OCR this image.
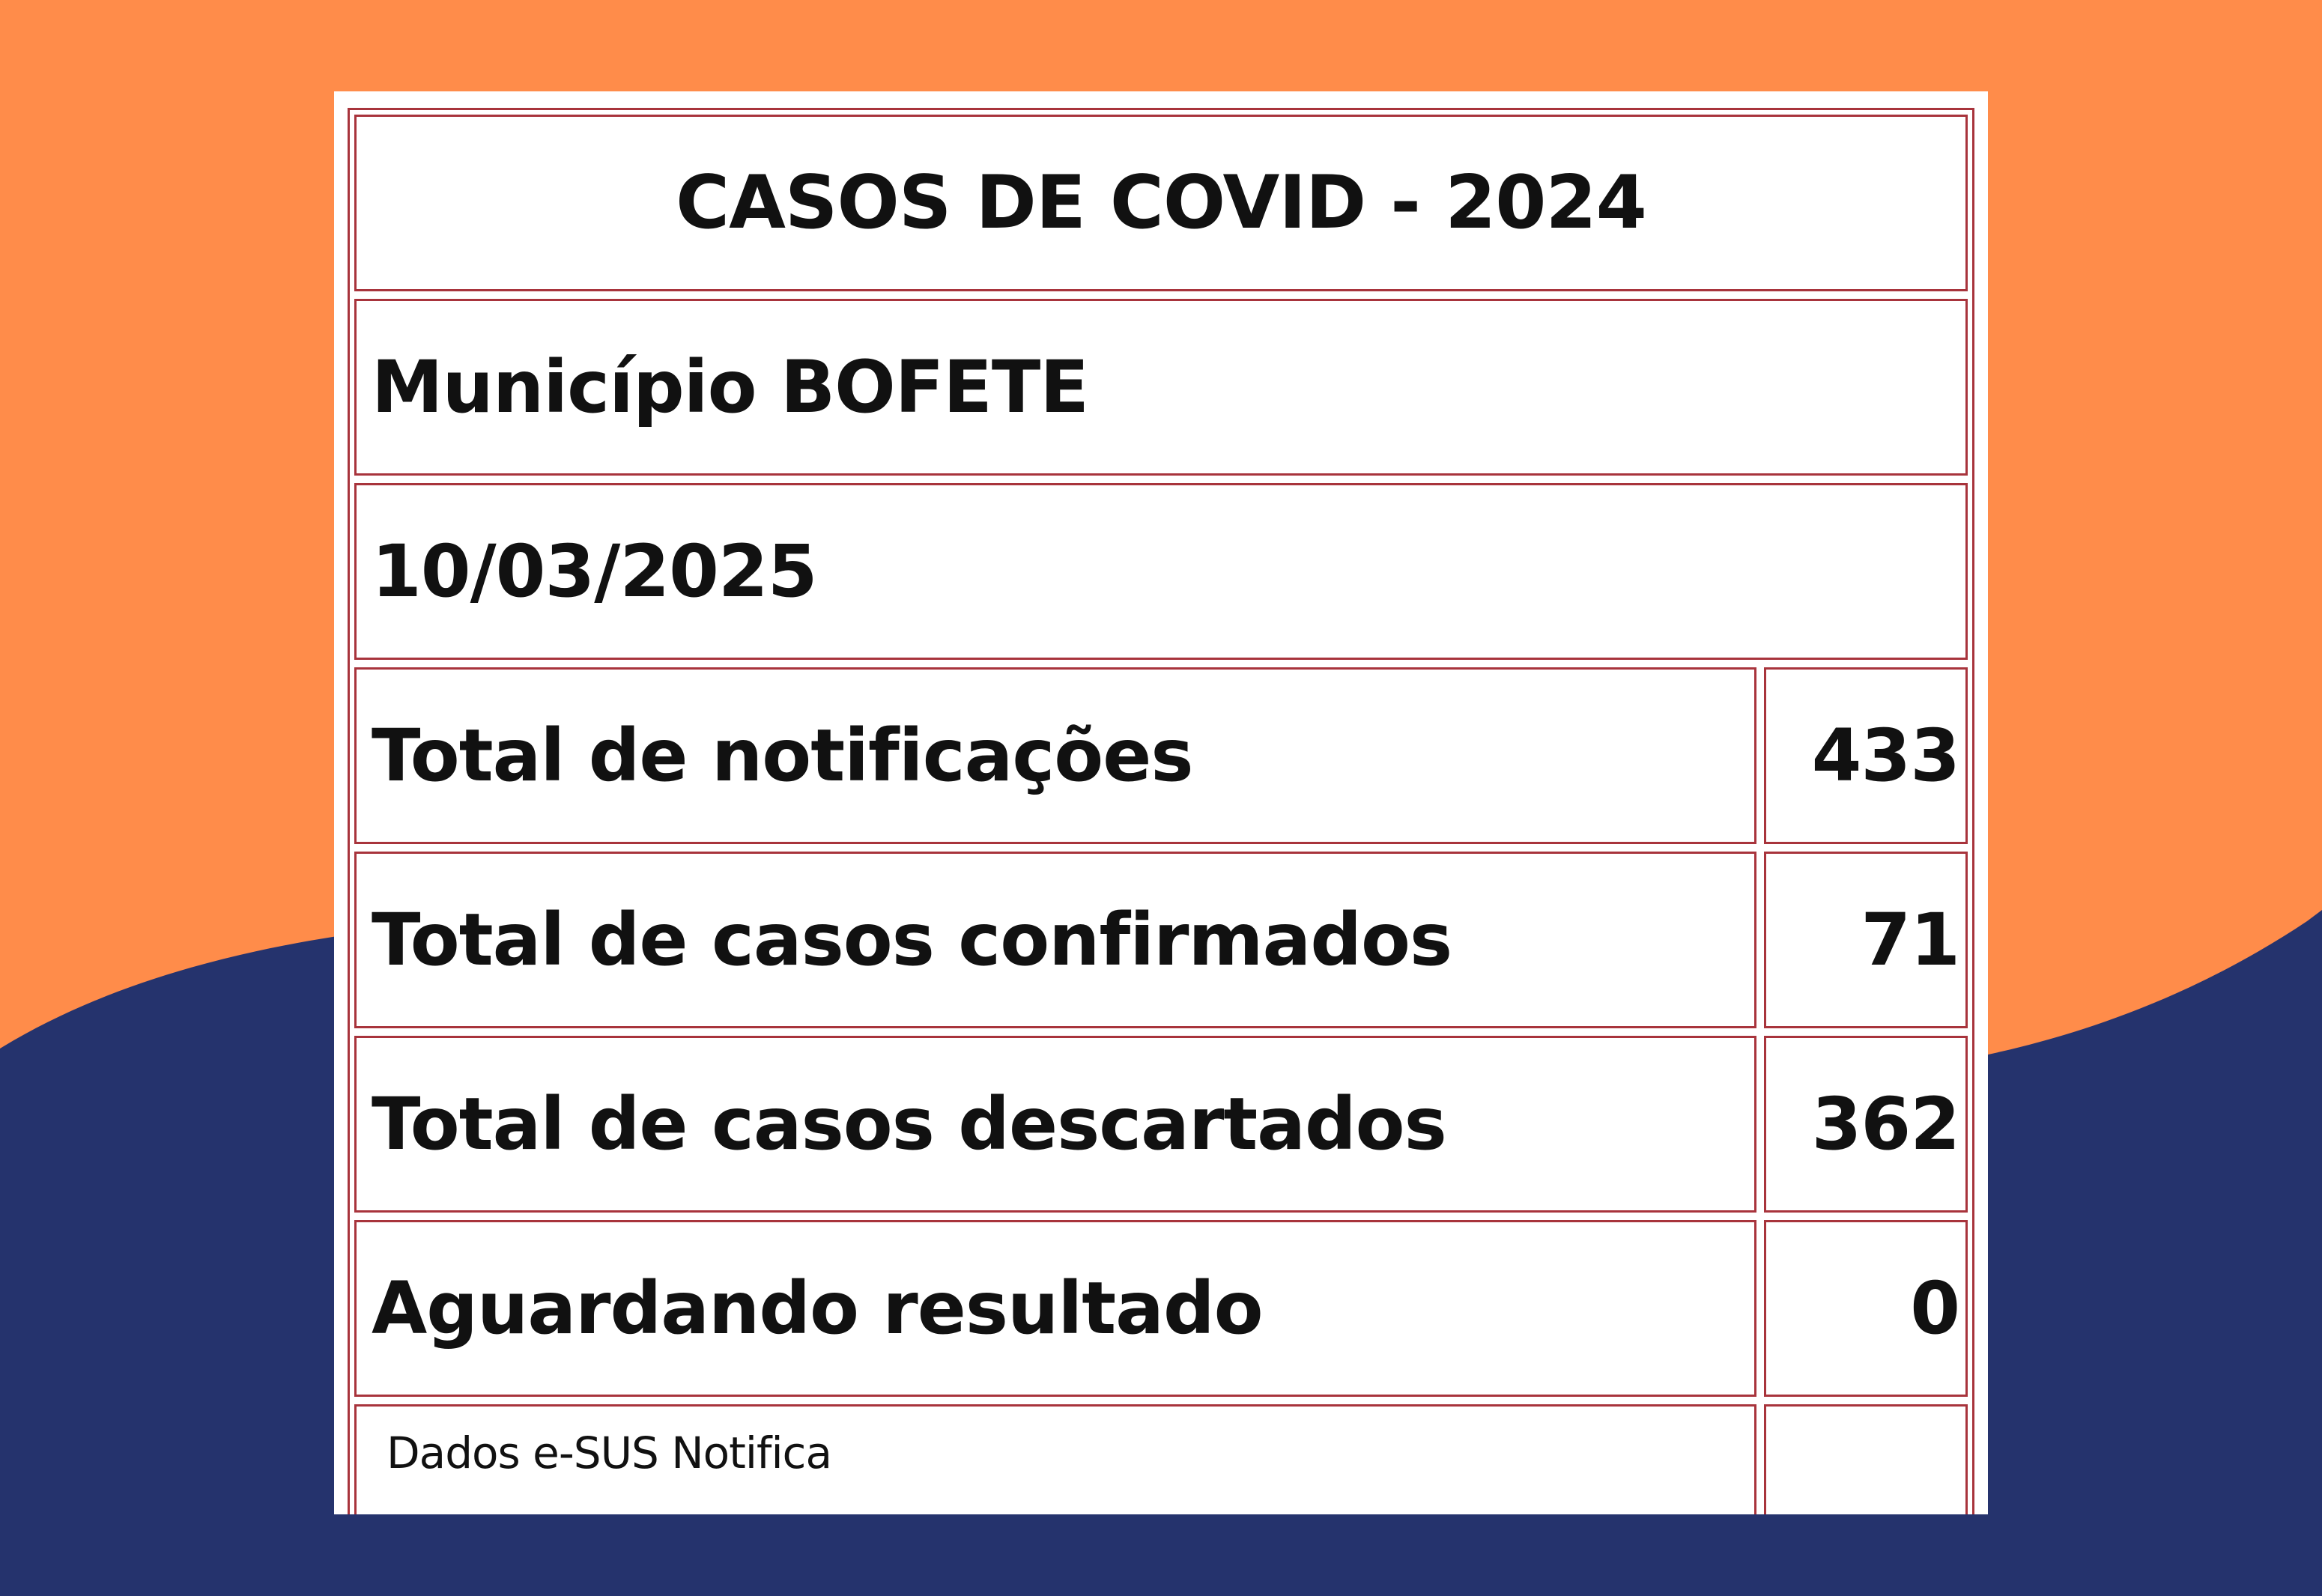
CASOS DE COVID - 2024
Município BOFETE
10/03/2025
Total de notificações	433
Total de casos confirmados	71
Total de casos descartados	362
Aguardando resultado	0
Dados e-SUS Notifica
